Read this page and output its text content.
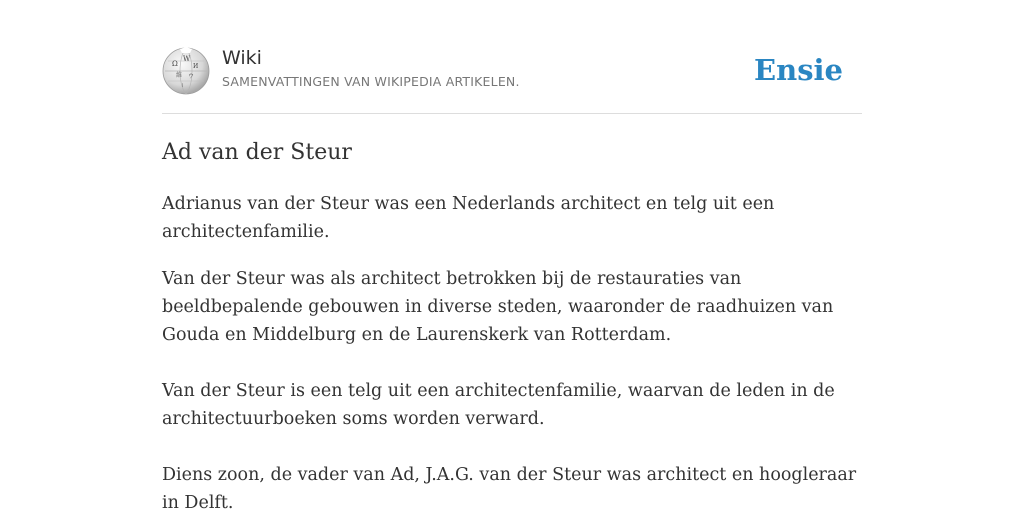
Ω
W
И
維 ウ
ا
Wiki
SAMENVATTINGEN VAN WIKIPEDIA ARTIKELEN.	Ensie
Ad van der Steur

Adrianus van der Steur was een Nederlands architect en telg uit een architectenfamilie.

Van der Steur was als architect betrokken bij de restauraties van beeldbepalende gebouwen in diverse steden, waaronder de raadhuizen van Gouda en Middelburg en de Laurenskerk van Rotterdam.

Van der Steur is een telg uit een architectenfamilie, waarvan de leden in de architectuurboeken soms worden verward.

Diens zoon, de vader van Ad, J.A.G. van der Steur was architect en hoogleraar in Delft.
